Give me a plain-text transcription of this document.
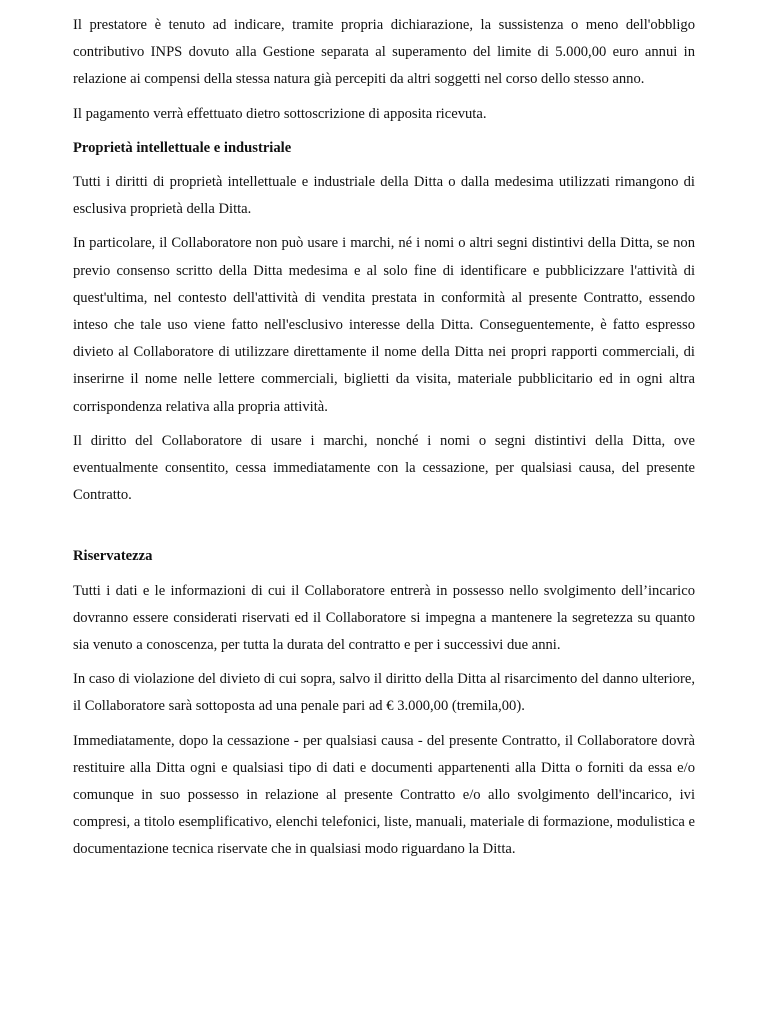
Il prestatore è tenuto ad indicare, tramite propria dichiarazione, la sussistenza o meno dell'obbligo contributivo INPS dovuto alla Gestione separata al superamento del limite di 5.000,00 euro annui in relazione ai compensi della stessa natura già percepiti da altri soggetti nel corso dello stesso anno.

Il pagamento verrà effettuato dietro sottoscrizione di apposita ricevuta.

Proprietà intellettuale e industriale

Tutti i diritti di proprietà intellettuale e industriale della Ditta o dalla medesima utilizzati rimangono di esclusiva proprietà della Ditta.

In particolare, il Collaboratore non può usare i marchi, né i nomi o altri segni distintivi della Ditta, se non previo consenso scritto della Ditta medesima e al solo fine di identificare e pubblicizzare l'attività di quest'ultima, nel contesto dell'attività di vendita prestata in conformità al presente Contratto, essendo inteso che tale uso viene fatto nell'esclusivo interesse della Ditta. Conseguentemente, è fatto espresso divieto al Collaboratore di utilizzare direttamente il nome della Ditta nei propri rapporti commerciali, di inserirne il nome nelle lettere commerciali, biglietti da visita, materiale pubblicitario ed in ogni altra corrispondenza relativa alla propria attività.

Il diritto del Collaboratore di usare i marchi, nonché i nomi o segni distintivi della Ditta, ove eventualmente consentito, cessa immediatamente con la cessazione, per qualsiasi causa, del presente Contratto.

Riservatezza

Tutti i dati e le informazioni di cui il Collaboratore entrerà in possesso nello svolgimento dell’incarico dovranno essere considerati riservati ed il Collaboratore si impegna a mantenere la segretezza su quanto sia venuto a conoscenza, per tutta la durata del contratto e per i successivi due anni.

In caso di violazione del divieto di cui sopra, salvo il diritto della Ditta al risarcimento del danno ulteriore, il Collaboratore sarà sottoposta ad una penale pari ad € 3.000,00 (tremila,00).

Immediatamente, dopo la cessazione - per qualsiasi causa - del presente Contratto, il Collaboratore dovrà restituire alla Ditta ogni e qualsiasi tipo di dati e documenti appartenenti alla Ditta o forniti da essa e/o comunque in suo possesso in relazione al presente Contratto e/o allo svolgimento dell'incarico, ivi compresi, a titolo esemplificativo, elenchi telefonici, liste, manuali, materiale di formazione, modulistica e documentazione tecnica riservate che in qualsiasi modo riguardano la Ditta.
